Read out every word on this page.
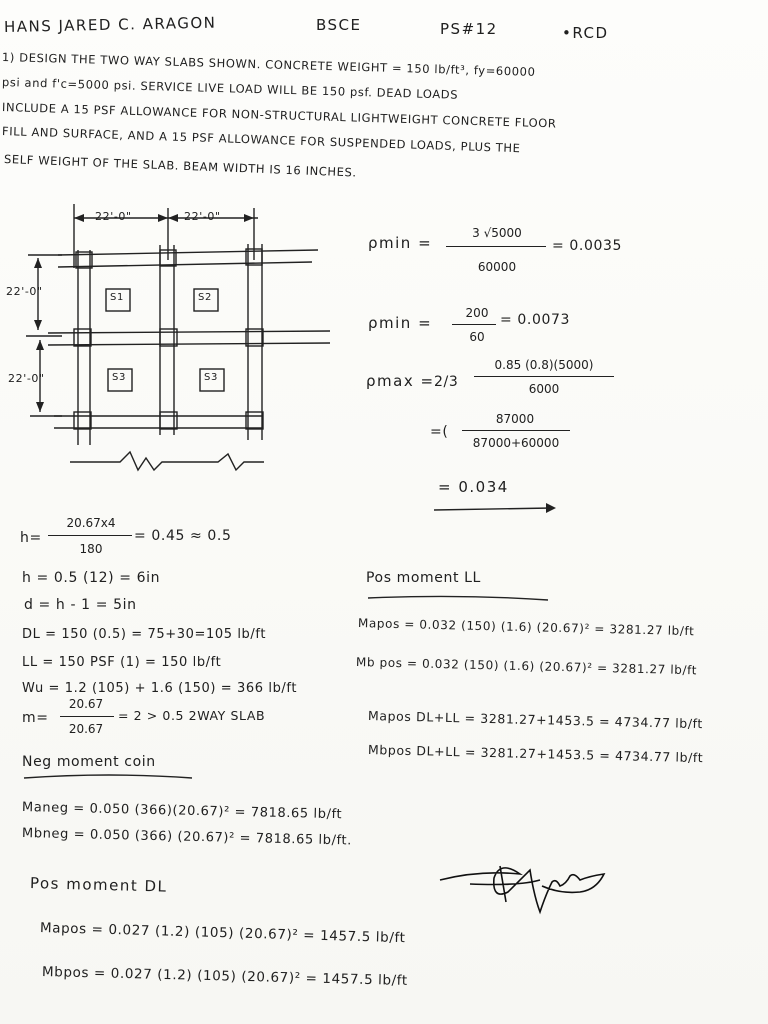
HANS JARED C. ARAGON	BSCE	PS#12	•RCD
1) DESIGN THE TWO WAY SLABS SHOWN. CONCRETE WEIGHT = 150 lb/ft³, fy=60000
psi and f'c=5000 psi. SERVICE LIVE LOAD WILL BE 150 psf. DEAD LOADS
INCLUDE A 15 PSF ALLOWANCE FOR NON-STRUCTURAL LIGHTWEIGHT CONCRETE FLOOR
FILL AND SURFACE, AND A 15 PSF ALLOWANCE FOR SUSPENDED LOADS, PLUS THE
SELF WEIGHT OF THE SLAB. BEAM WIDTH IS 16 INCHES.
22'-0"	22'-0"
22'-0"
22'-0"
S1	S2
S3	S3
ρmin =
3 √5000
60000
= 0.0035
ρmin =
200
60
= 0.0073
ρmax = 2/3
0.85 (0.8)(5000)
6000
=(
87000
87000+60000
= 0.034
h=
20.67x4
180
= 0.45 ≈ 0.5
h = 0.5 (12) = 6in
d = h - 1 = 5in
DL = 150 (0.5) = 75+30=105 lb/ft
LL = 150 PSF (1) = 150 lb/ft
Wu = 1.2 (105) + 1.6 (150) = 366 lb/ft
m=
20.67
20.67
= 2 > 0.5 2WAY SLAB
Neg moment coin
Maneg = 0.050 (366)(20.67)² = 7818.65 lb/ft
Mbneg = 0.050 (366) (20.67)² = 7818.65 lb/ft.
Pos moment DL
Mapos = 0.027 (1.2) (105) (20.67)² = 1457.5 lb/ft
Mbpos = 0.027 (1.2) (105) (20.67)² = 1457.5 lb/ft
Pos moment LL
Mapos = 0.032 (150) (1.6) (20.67)² = 3281.27 lb/ft
Mb pos = 0.032 (150) (1.6) (20.67)² = 3281.27 lb/ft
Mapos DL+LL = 3281.27+1453.5 = 4734.77 lb/ft
Mbpos DL+LL = 3281.27+1453.5 = 4734.77 lb/ft
